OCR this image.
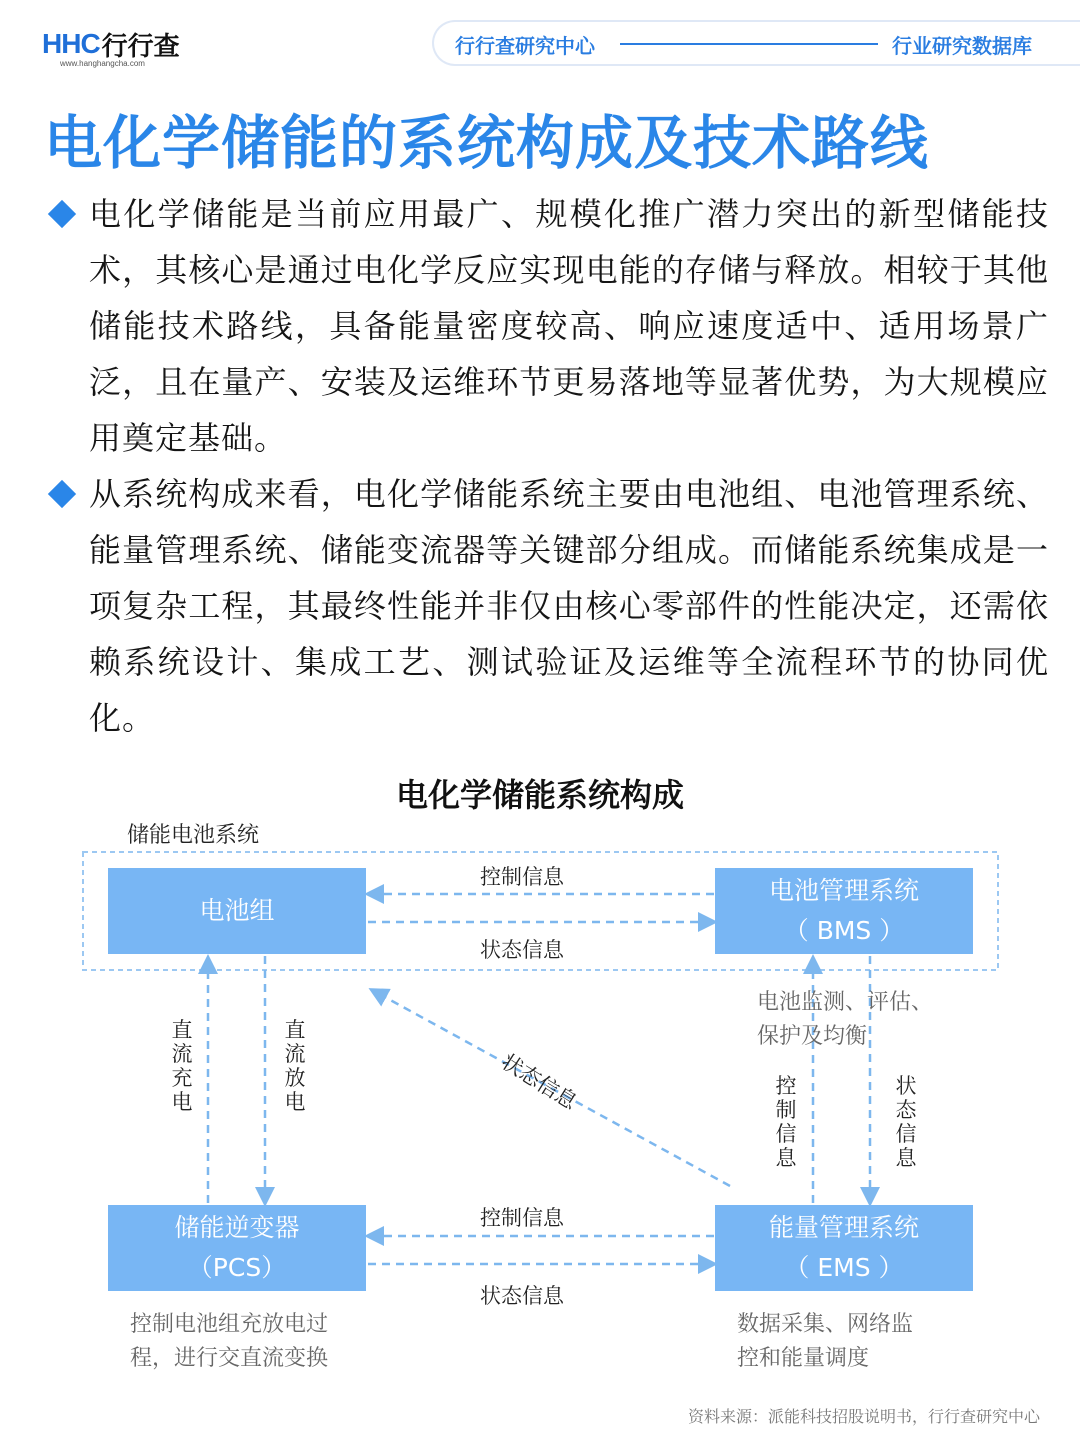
HHC 行行查
www.hanghangcha.com
行行查研究中心	行业研究数据库
电化学储能的系统构成及技术路线
电化学储能是当前应用最广、规模化推广潜力突出的新型储能技术，其核心是通过电化学反应实现电能的存储与释放。相较于其他储能技术路线，具备能量密度较高、响应速度适中、适用场景广泛，且在量产、安装及运维环节更易落地等显著优势，为大规模应用奠定基础。
从系统构成来看，电化学储能系统主要由电池组、电池管理系统、能量管理系统、储能变流器等关键部分组成。而储能系统集成是一项复杂工程，其最终性能并非仅由核心零部件的性能决定，还需依赖系统设计、集成工艺、测试验证及运维等全流程环节的协同优化。
电化学储能系统构成
储能电池系统
电池组
电池管理系统
（ BMS ）
储能逆变器
（PCS）
能量管理系统
（ EMS ）
控制信息
状态信息
控制信息
状态信息
直流充电
直流放电
控制信息
状态信息
状态信息
电池监测、评估、
保护及均衡
控制电池组充放电过
程，进行交直流变换
数据采集、网络监
控和能量调度
资料来源：派能科技招股说明书，行行查研究中心
